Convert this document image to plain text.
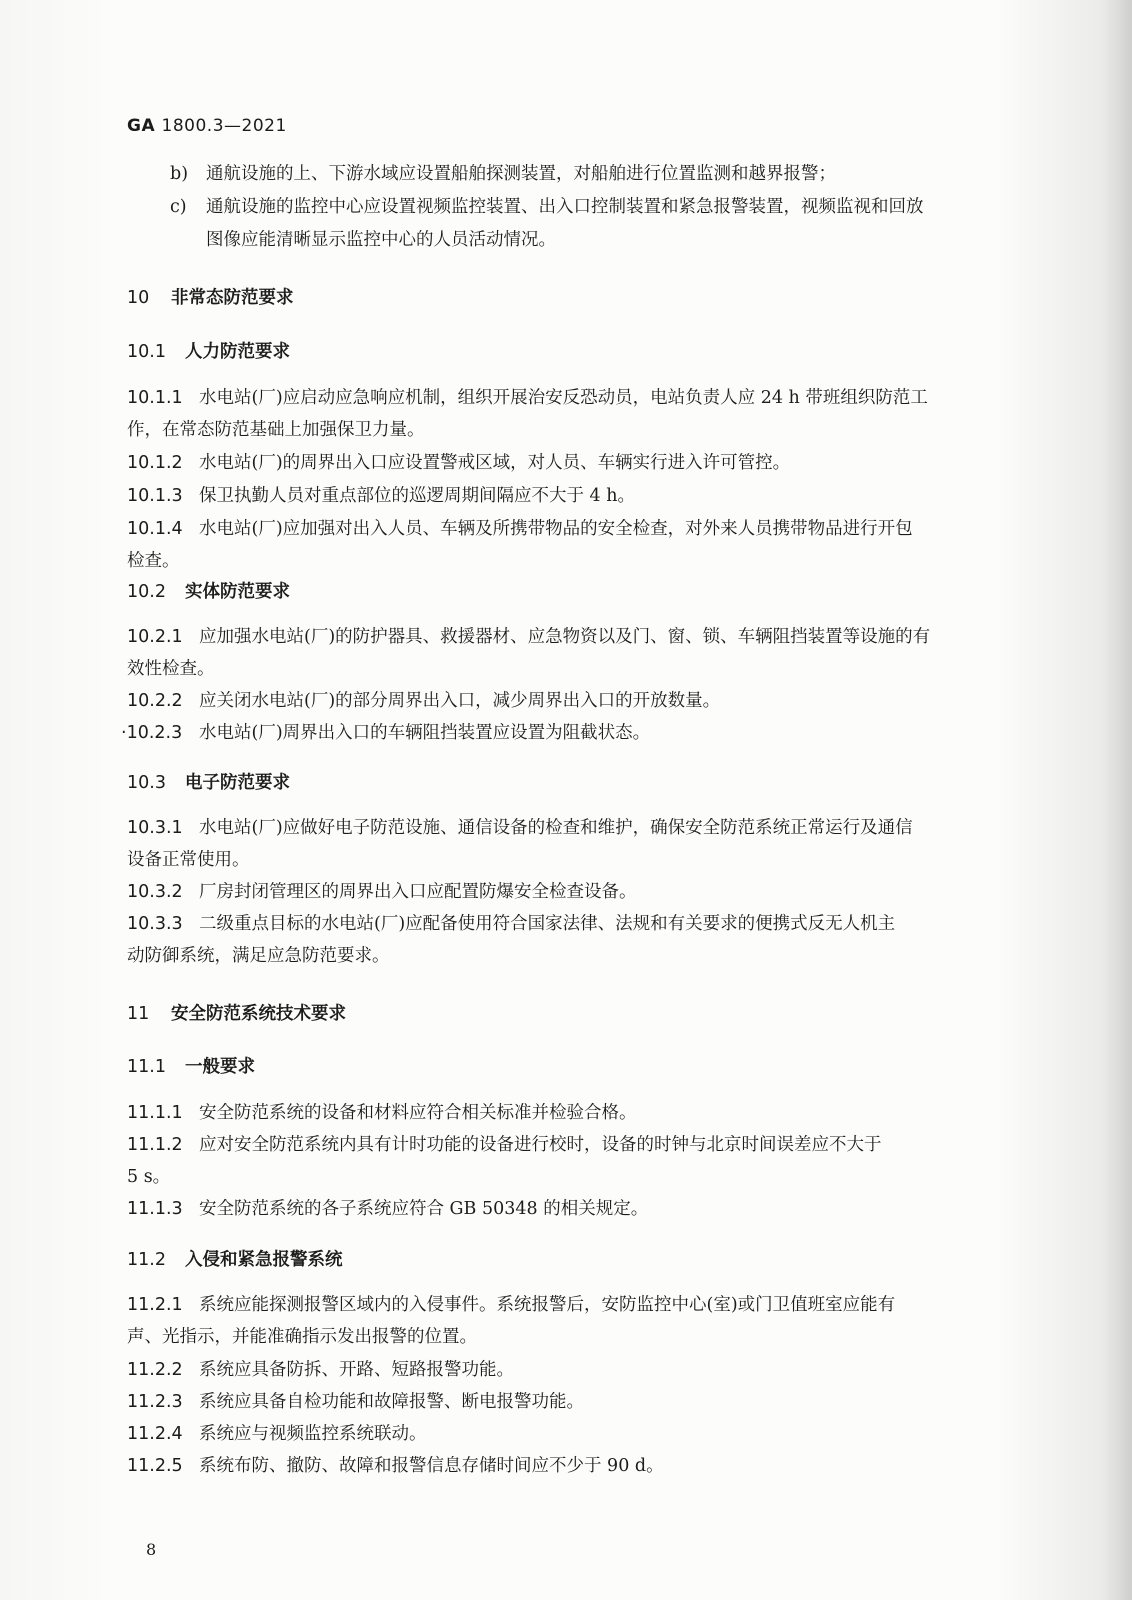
GA 1800.3—2021
b) 通航设施的上、下游水域应设置船舶探测装置，对船舶进行位置监测和越界报警；
c) 通航设施的监控中心应设置视频监控装置、出入口控制装置和紧急报警装置，视频监视和回放
图像应能清晰显示监控中心的人员活动情况。
10 非常态防范要求
10.1 人力防范要求
10.1.1 水电站(厂)应启动应急响应机制，组织开展治安反恐动员，电站负责人应 24 h 带班组织防范工
作，在常态防范基础上加强保卫力量。
10.1.2 水电站(厂)的周界出入口应设置警戒区域，对人员、车辆实行进入许可管控。
10.1.3 保卫执勤人员对重点部位的巡逻周期间隔应不大于 4 h。
10.1.4 水电站(厂)应加强对出入人员、车辆及所携带物品的安全检查，对外来人员携带物品进行开包
检查。
10.2 实体防范要求
10.2.1 应加强水电站(厂)的防护器具、救援器材、应急物资以及门、窗、锁、车辆阻挡装置等设施的有
效性检查。
10.2.2 应关闭水电站(厂)的部分周界出入口，减少周界出入口的开放数量。
·10.2.3 水电站(厂)周界出入口的车辆阻挡装置应设置为阻截状态。
10.3 电子防范要求
10.3.1 水电站(厂)应做好电子防范设施、通信设备的检查和维护，确保安全防范系统正常运行及通信
设备正常使用。
10.3.2 厂房封闭管理区的周界出入口应配置防爆安全检查设备。
10.3.3 二级重点目标的水电站(厂)应配备使用符合国家法律、法规和有关要求的便携式反无人机主
动防御系统，满足应急防范要求。
11 安全防范系统技术要求
11.1 一般要求
11.1.1 安全防范系统的设备和材料应符合相关标准并检验合格。
11.1.2 应对安全防范系统内具有计时功能的设备进行校时，设备的时钟与北京时间误差应不大于
5 s。
11.1.3 安全防范系统的各子系统应符合 GB 50348 的相关规定。
11.2 入侵和紧急报警系统
11.2.1 系统应能探测报警区域内的入侵事件。系统报警后，安防监控中心(室)或门卫值班室应能有
声、光指示，并能准确指示发出报警的位置。
11.2.2 系统应具备防拆、开路、短路报警功能。
11.2.3 系统应具备自检功能和故障报警、断电报警功能。
11.2.4 系统应与视频监控系统联动。
11.2.5 系统布防、撤防、故障和报警信息存储时间应不少于 90 d。
8
